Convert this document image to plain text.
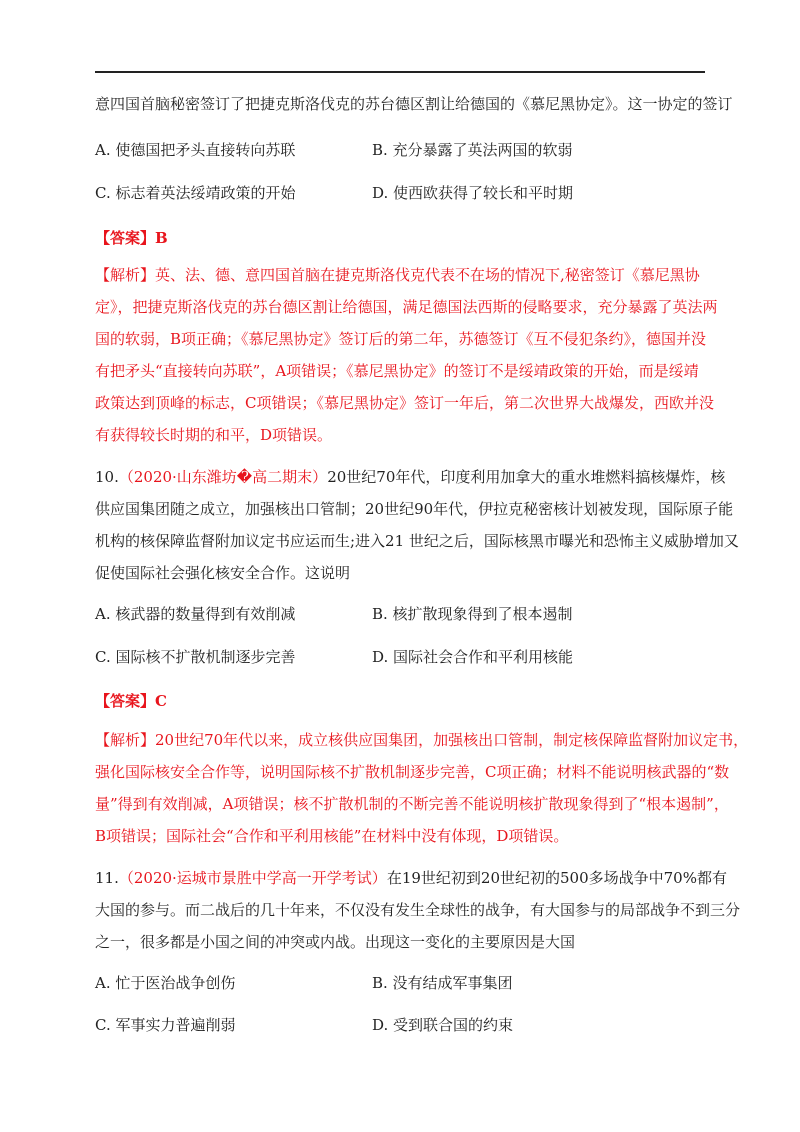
意四国首脑秘密签订了把捷克斯洛伐克的苏台德区割让给德国的《慕尼黑协定》。这一协定的签订
A. 使德国把矛头直接转向苏联	B. 充分暴露了英法两国的软弱
C. 标志着英法绥靖政策的开始	D. 使西欧获得了较长和平时期
【答案】B
【解析】英、法、德、意四国首脑在捷克斯洛伐克代表不在场的情况下,秘密签订《慕尼黑协
定》，把捷克斯洛伐克的苏台德区割让给德国，满足德国法西斯的侵略要求，充分暴露了英法两
国的软弱，B项正确；《慕尼黑协定》签订后的第二年，苏德签订《互不侵犯条约》，德国并没
有把矛头“直接转向苏联”，A项错误；《慕尼黑协定》的签订不是绥靖政策的开始，而是绥靖
政策达到顶峰的标志，C项错误；《慕尼黑协定》签订一年后，第二次世界大战爆发，西欧并没
有获得较长时期的和平，D项错误。
10.（2020·山东潍坊�高二期末）20世纪70年代，印度利用加拿大的重水堆燃料搞核爆炸，核
供应国集团随之成立，加强核出口管制；20世纪90年代，伊拉克秘密核计划被发现，国际原子能
机构的核保障监督附加议定书应运而生;进入21 世纪之后，国际核黑市曝光和恐怖主义威胁增加又
促使国际社会强化核安全合作。这说明
A. 核武器的数量得到有效削减	B. 核扩散现象得到了根本遏制
C. 国际核不扩散机制逐步完善	D. 国际社会合作和平利用核能
【答案】C
【解析】20世纪70年代以来，成立核供应国集团，加强核出口管制，制定核保障监督附加议定书，
强化国际核安全合作等，说明国际核不扩散机制逐步完善，C项正确；材料不能说明核武器的“数
量”得到有效削减，A项错误；核不扩散机制的不断完善不能说明核扩散现象得到了“根本遏制”，
B项错误；国际社会“合作和平利用核能”在材料中没有体现，D项错误。
11.（2020·运城市景胜中学高一开学考试）在19世纪初到20世纪初的500多场战争中70%都有
大国的参与。而二战后的几十年来，不仅没有发生全球性的战争，有大国参与的局部战争不到三分
之一，很多都是小国之间的冲突或内战。出现这一变化的主要原因是大国
A. 忙于医治战争创伤	B. 没有结成军事集团
C. 军事实力普遍削弱	D. 受到联合国的约束
